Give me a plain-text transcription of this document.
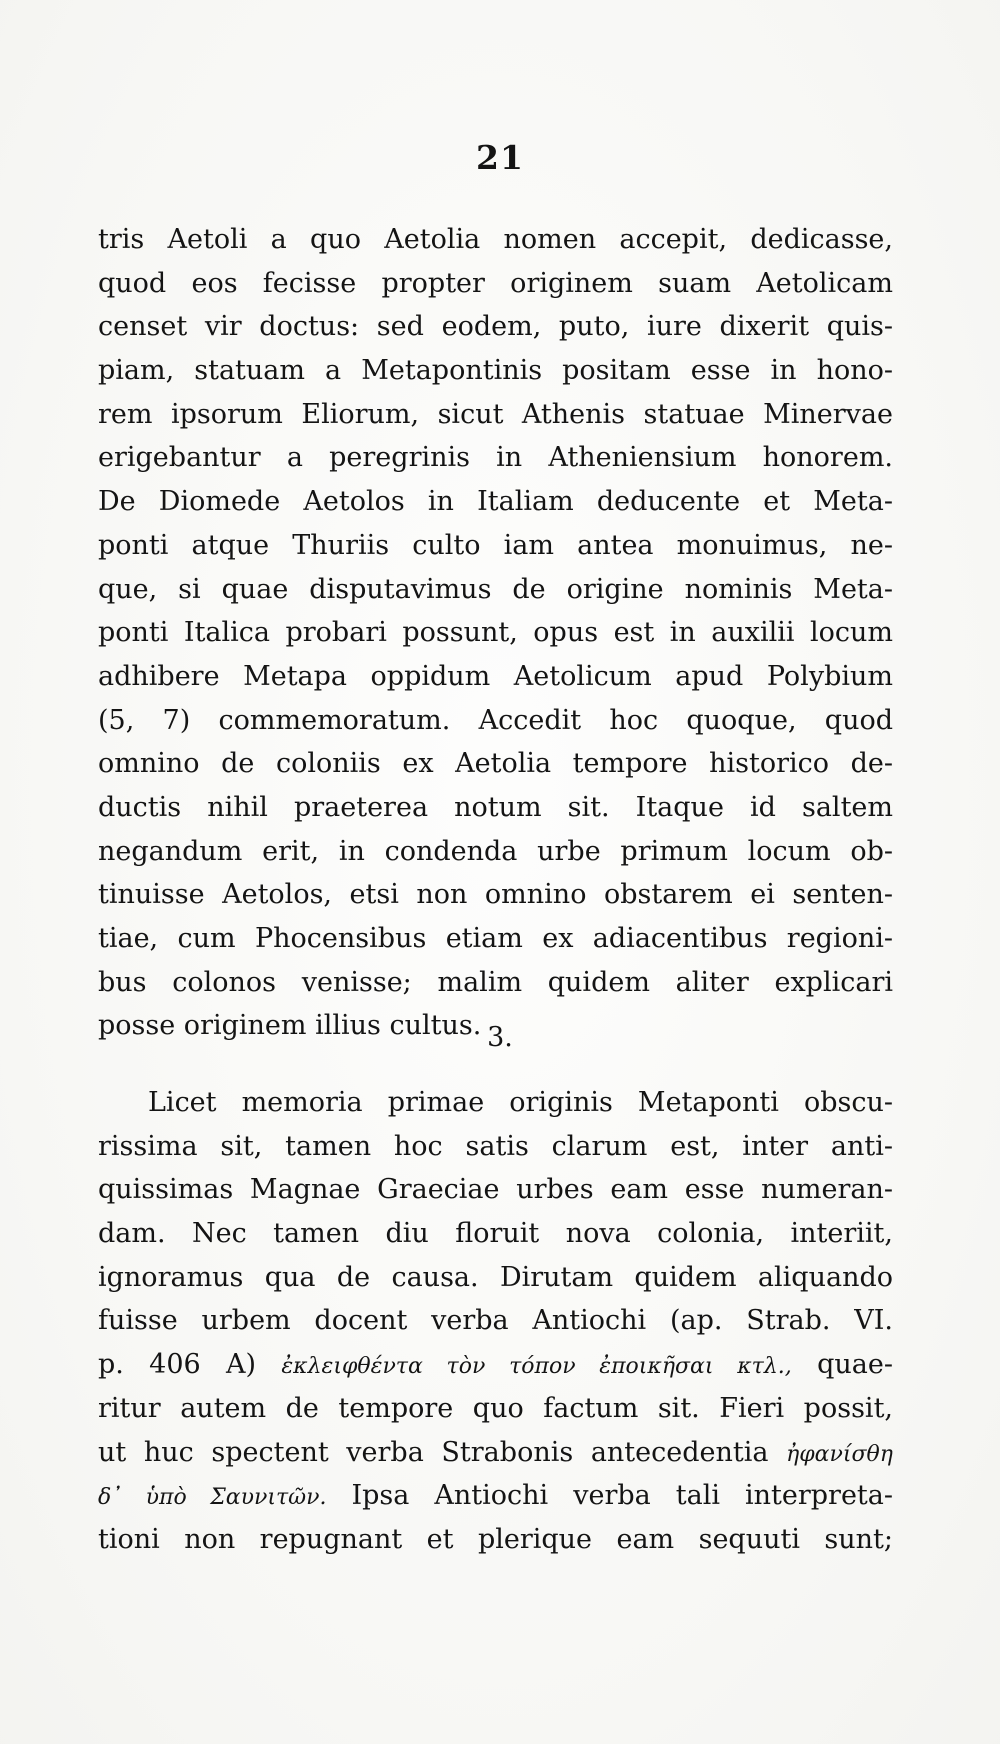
21
tris Aetoli a quo Aetolia nomen accepit, dedicasse,
quod eos fecisse propter originem suam Aetolicam
censet vir doctus: sed eodem, puto, iure dixerit quis-
piam, statuam a Metapontinis positam esse in hono-
rem ipsorum Eliorum, sicut Athenis statuae Minervae
erigebantur a peregrinis in Atheniensium honorem.
De Diomede Aetolos in Italiam deducente et Meta-
ponti atque Thuriis culto iam antea monuimus, ne-
que, si quae disputavimus de origine nominis Meta-
ponti Italica probari possunt, opus est in auxilii locum
adhibere Metapa oppidum Aetolicum apud Polybium
(5, 7) commemoratum. Accedit hoc quoque, quod
omnino de coloniis ex Aetolia tempore historico de-
ductis nihil praeterea notum sit. Itaque id saltem
negandum erit, in condenda urbe primum locum ob-
tinuisse Aetolos, etsi non omnino obstarem ei senten-
tiae, cum Phocensibus etiam ex adiacentibus regioni-
bus colonos venisse; malim quidem aliter explicari
posse originem illius cultus. 3.
Licet memoria primae originis Metaponti obscu-
rissima sit, tamen hoc satis clarum est, inter anti-
quissimas Magnae Graeciae urbes eam esse numeran-
dam. Nec tamen diu floruit nova colonia, interiit,
ignoramus qua de causa. Dirutam quidem aliquando
fuisse urbem docent verba Antiochi (ap. Strab. VI.
p. 406 A) ἐκλειφθέντα τὸν τόπον ἐποικῆσαι κτλ., quae-
ritur autem de tempore quo factum sit. Fieri possit,
ut huc spectent verba Strabonis antecedentia ἠφανίσθη
δ᾽ ὑπὸ Σαυνιτῶν. Ipsa Antiochi verba tali interpreta-
tioni non repugnant et plerique eam sequuti sunt;
